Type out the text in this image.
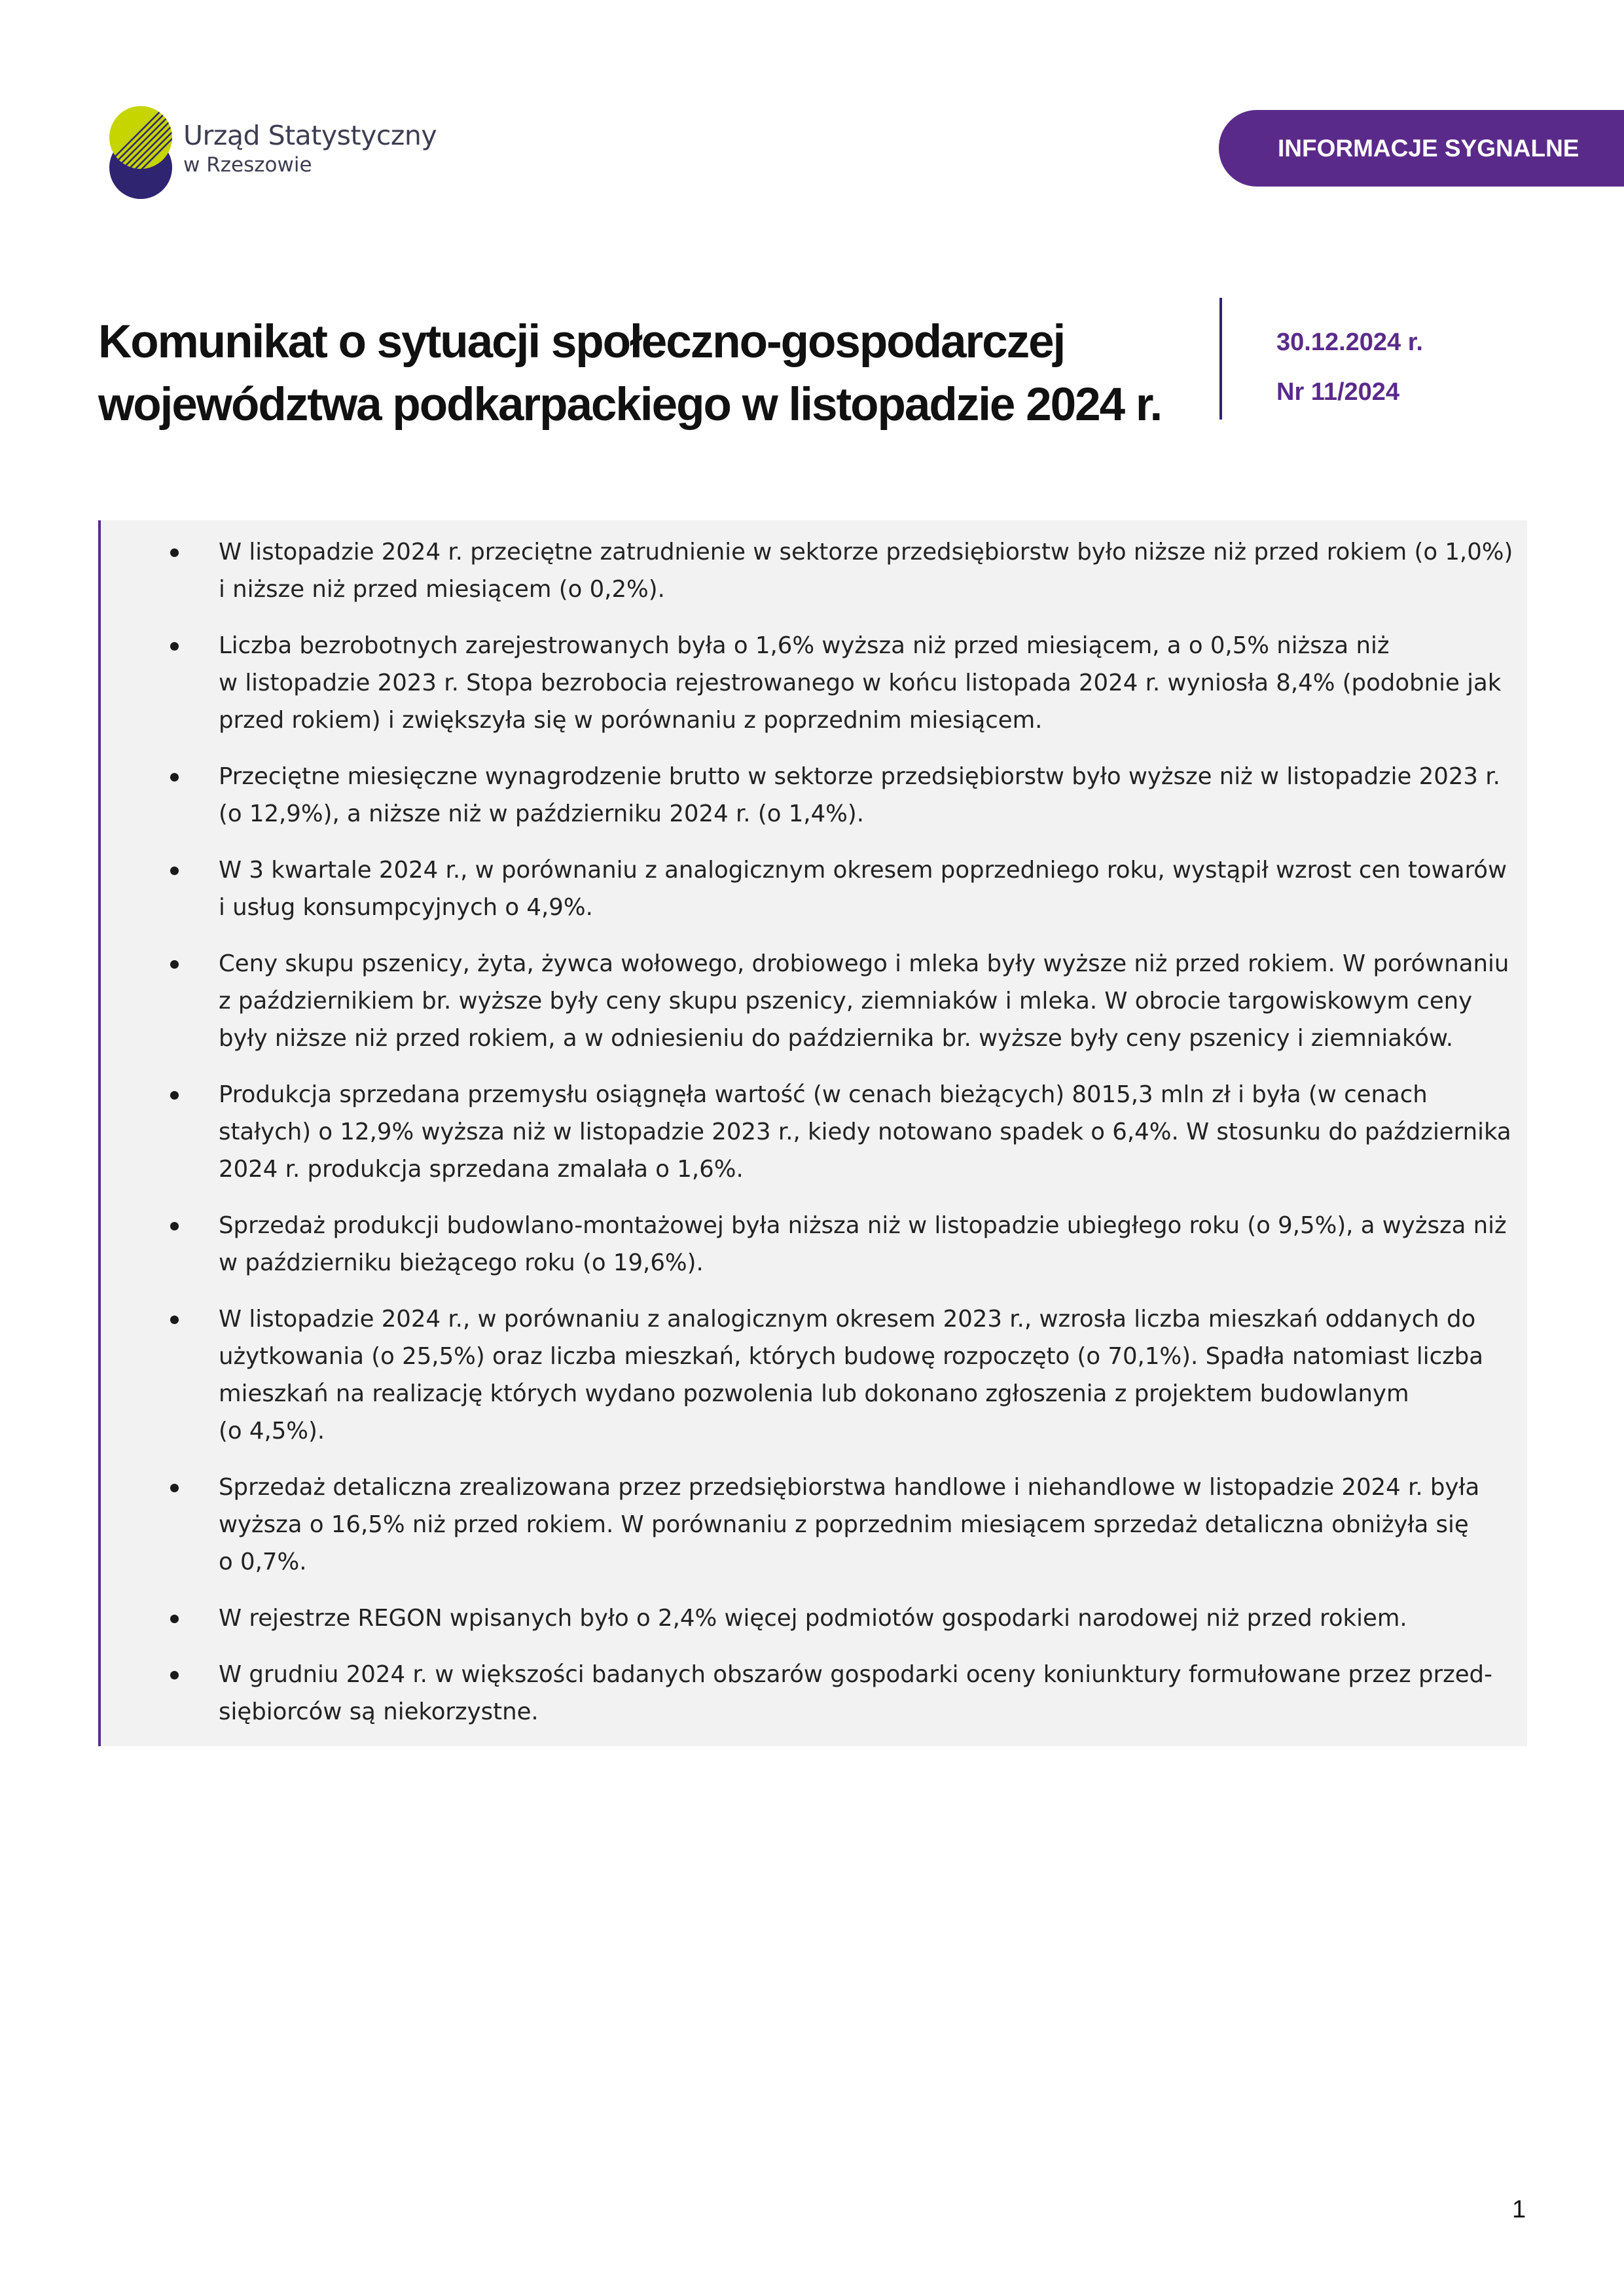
Urząd Statystyczny
w Rzeszowie
INFORMACJE SYGNALNE
Komunikat o sytuacji społeczno-gospodarczej
województwa podkarpackiego w listopadzie 2024 r.
30.12.2024 r.
Nr 11/2024
W listopadzie 2024 r. przeciętne zatrudnienie w sektorze przedsiębiorstw było niższe niż przed rokiem (o 1,0%)
i niższe niż przed miesiącem (o 0,2%).
Liczba bezrobotnych zarejestrowanych była o 1,6% wyższa niż przed miesiącem, a o 0,5% niższa niż
w listopadzie 2023 r. Stopa bezrobocia rejestrowanego w końcu listopada 2024 r. wyniosła 8,4% (podobnie jak
przed rokiem) i zwiększyła się w porównaniu z poprzednim miesiącem.
Przeciętne miesięczne wynagrodzenie brutto w sektorze przedsiębiorstw było wyższe niż w listopadzie 2023 r.
(o 12,9%), a niższe niż w październiku 2024 r. (o 1,4%).
W 3 kwartale 2024 r., w porównaniu z analogicznym okresem poprzedniego roku, wystąpił wzrost cen towarów
i usług konsumpcyjnych o 4,9%.
Ceny skupu pszenicy, żyta, żywca wołowego, drobiowego i mleka były wyższe niż przed rokiem. W porównaniu
z październikiem br. wyższe były ceny skupu pszenicy, ziemniaków i mleka. W obrocie targowiskowym ceny
były niższe niż przed rokiem, a w odniesieniu do października br. wyższe były ceny pszenicy i ziemniaków.
Produkcja sprzedana przemysłu osiągnęła wartość (w cenach bieżących) 8015,3 mln zł i była (w cenach
stałych) o 12,9% wyższa niż w listopadzie 2023 r., kiedy notowano spadek o 6,4%. W stosunku do października
2024 r. produkcja sprzedana zmalała o 1,6%.
Sprzedaż produkcji budowlano-montażowej była niższa niż w listopadzie ubiegłego roku (o 9,5%), a wyższa niż
w październiku bieżącego roku (o 19,6%).
W listopadzie 2024 r., w porównaniu z analogicznym okresem 2023 r., wzrosła liczba mieszkań oddanych do
użytkowania (o 25,5%) oraz liczba mieszkań, których budowę rozpoczęto (o 70,1%). Spadła natomiast liczba
mieszkań na realizację których wydano pozwolenia lub dokonano zgłoszenia z projektem budowlanym
(o 4,5%).
Sprzedaż detaliczna zrealizowana przez przedsiębiorstwa handlowe i niehandlowe w listopadzie 2024 r. była
wyższa o 16,5% niż przed rokiem. W porównaniu z poprzednim miesiącem sprzedaż detaliczna obniżyła się
o 0,7%.
W rejestrze REGON wpisanych było o 2,4% więcej podmiotów gospodarki narodowej niż przed rokiem.
W grudniu 2024 r. w większości badanych obszarów gospodarki oceny koniunktury formułowane przez przed-
siębiorców są niekorzystne.
1
